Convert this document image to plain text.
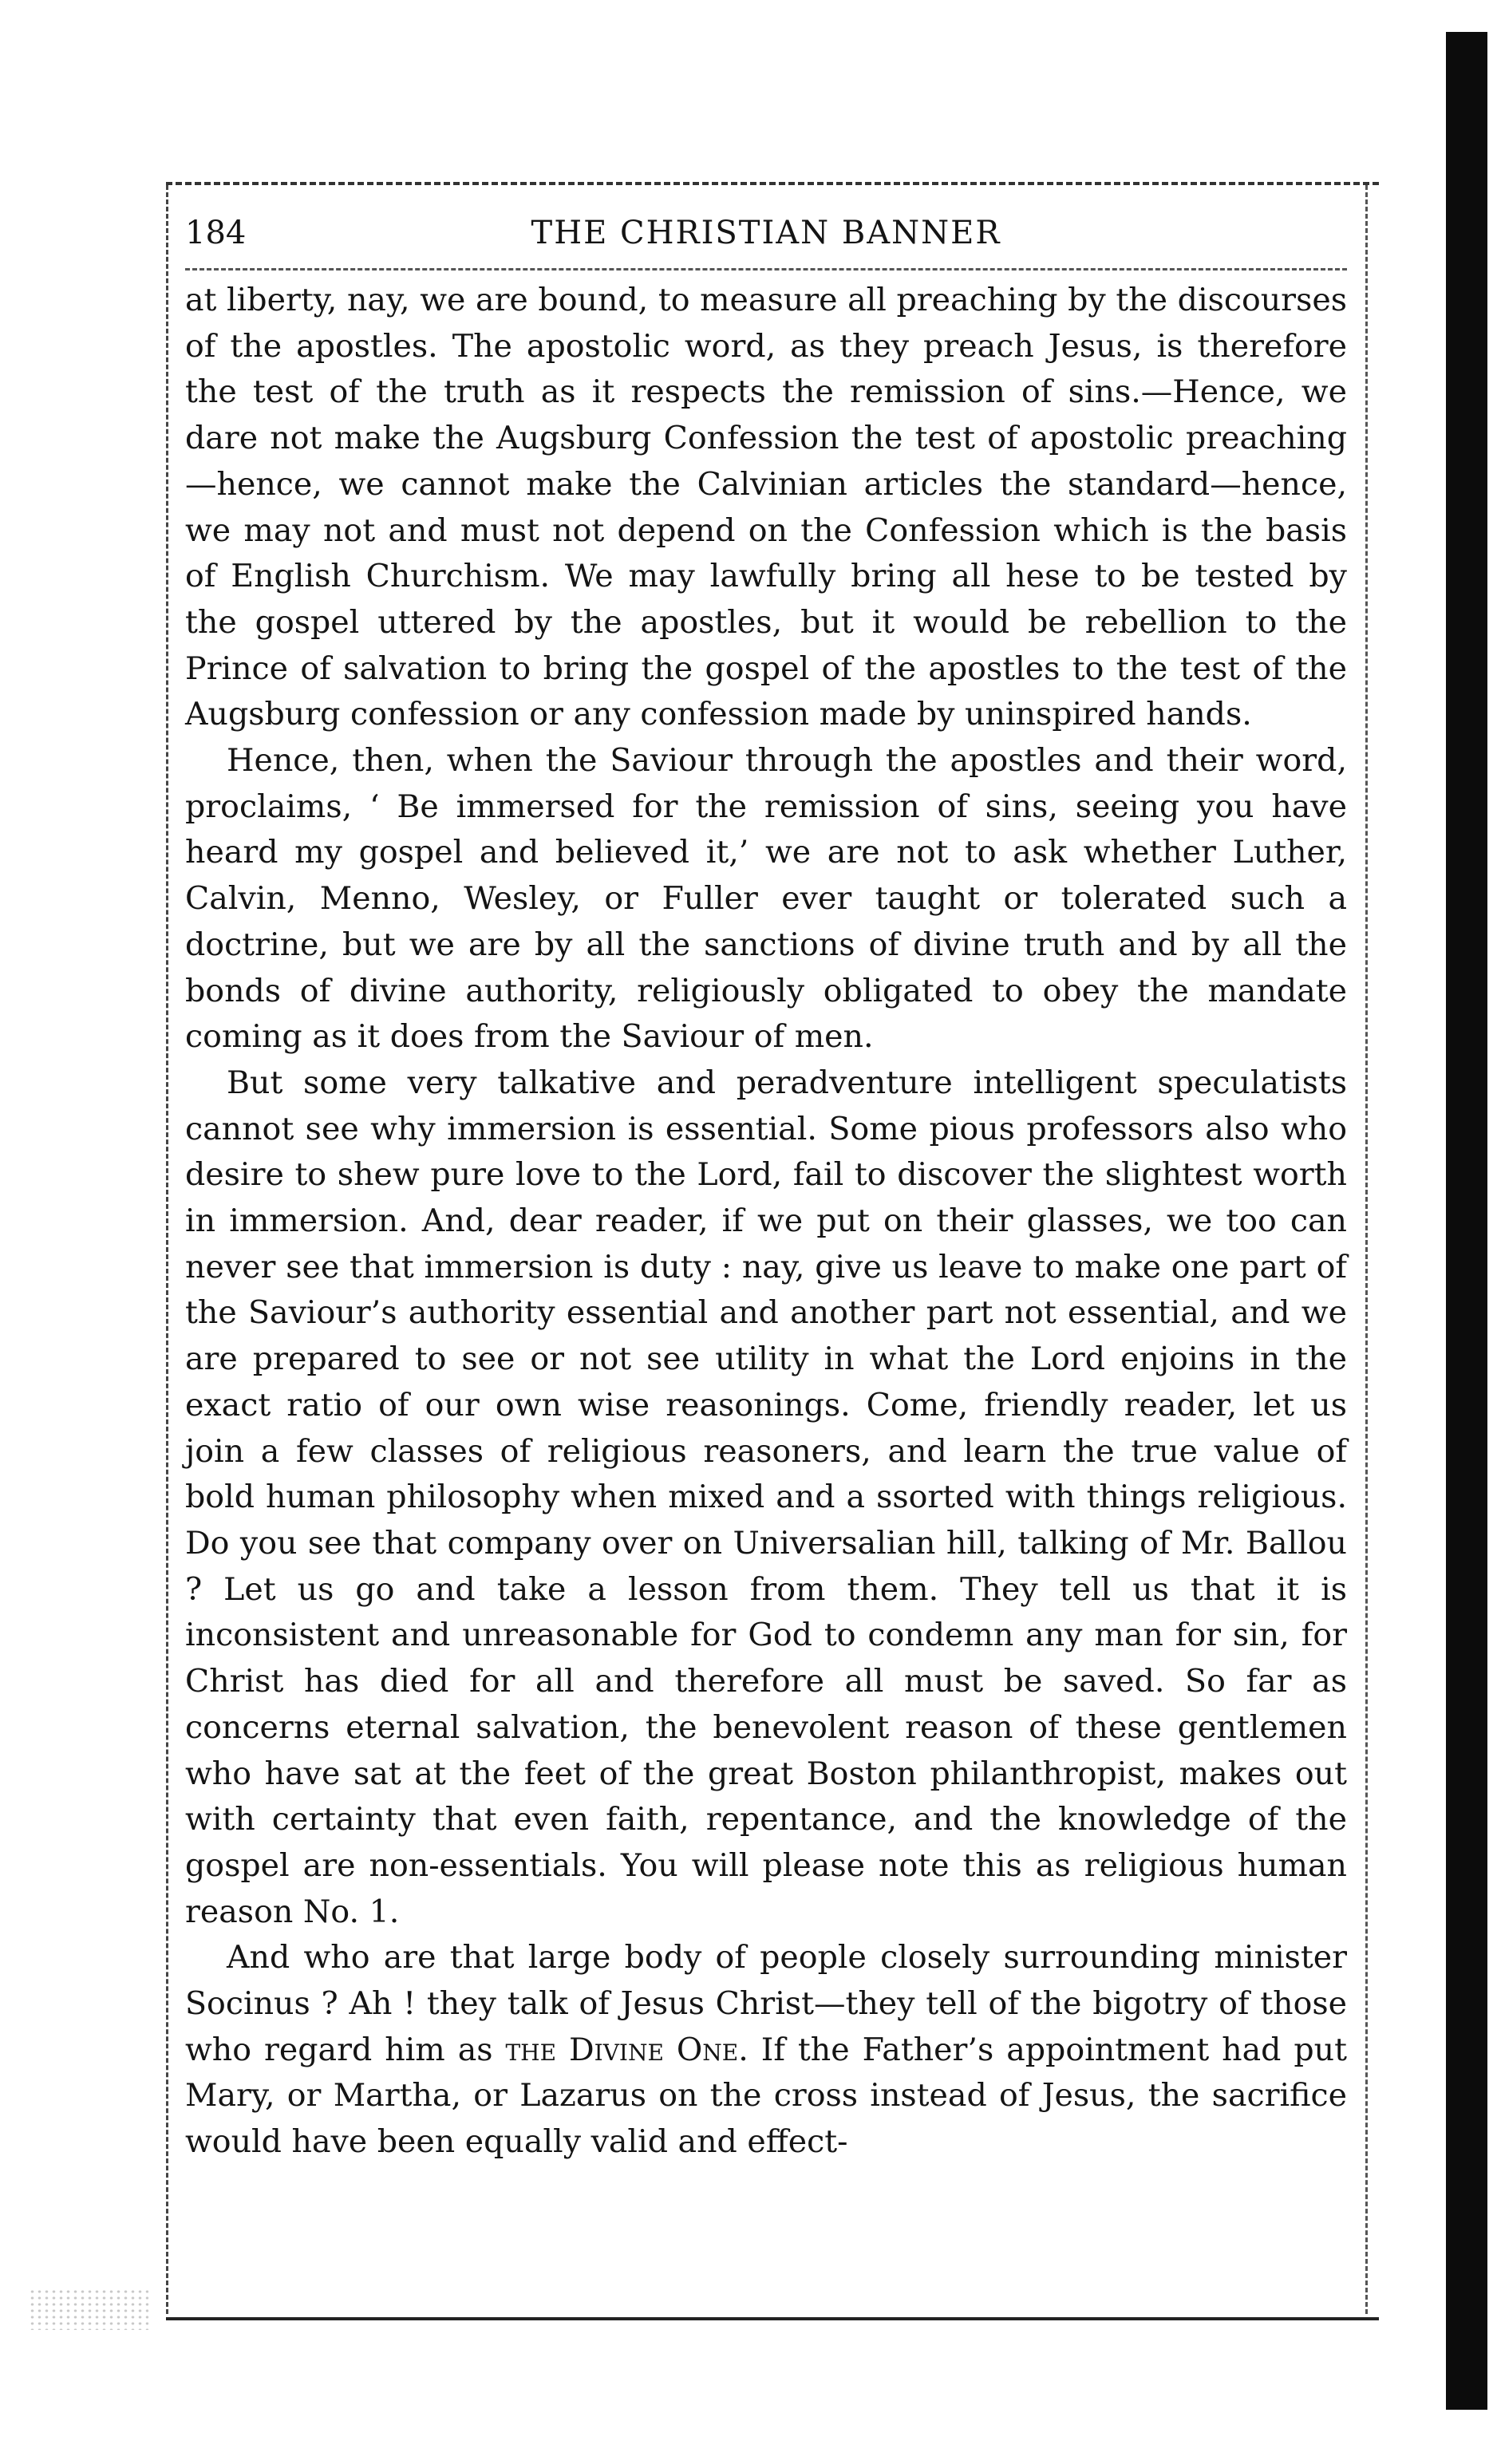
184	THE CHRISTIAN BANNER

at liberty, nay, we are bound, to measure all preaching by the discourses of the apostles. The apostolic word, as they preach Jesus, is therefore the test of the truth as it respects the remission of sins.—Hence, we dare not make the Augsburg Confession the test of apostolic preaching—hence, we cannot make the Calvinian articles the standard—hence, we may not and must not depend on the Confession which is the basis of English Churchism. We may lawfully bring all hese to be tested by the gospel uttered by the apostles, but it would be rebellion to the Prince of salvation to bring the gospel of the apostles to the test of the Augsburg confession or any confession made by uninspired hands.

Hence, then, when the Saviour through the apostles and their word, proclaims, ‘ Be immersed for the remission of sins, seeing you have heard my gospel and believed it,’ we are not to ask whether Luther, Calvin, Menno, Wesley, or Fuller ever taught or tolerated such a doctrine, but we are by all the sanctions of divine truth and by all the bonds of divine authority, religiously obligated to obey the mandate coming as it does from the Saviour of men.

But some very talkative and peradventure intelligent speculatists cannot see why immersion is essential. Some pious professors also who desire to shew pure love to the Lord, fail to discover the slightest worth in immersion. And, dear reader, if we put on their glasses, we too can never see that immersion is duty : nay, give us leave to make one part of the Saviour’s authority essential and another part not essential, and we are prepared to see or not see utility in what the Lord enjoins in the exact ratio of our own wise reasonings. Come, friendly reader, let us join a few classes of religious reasoners, and learn the true value of bold human philosophy when mixed and a ssorted with things religious. Do you see that company over on Universalian hill, talking of Mr. Ballou ? Let us go and take a lesson from them. They tell us that it is inconsistent and unreasonable for God to condemn any man for sin, for Christ has died for all and therefore all must be saved. So far as concerns eternal salvation, the benevolent reason of these gentlemen who have sat at the feet of the great Boston philanthropist, makes out with certainty that even faith, repentance, and the knowledge of the gospel are non-essentials. You will please note this as religious human reason No. 1.

And who are that large body of people closely surrounding minister Socinus ? Ah ! they talk of Jesus Christ—they tell of the bigotry of those who regard him as the Divine One. If the Father’s appointment had put Mary, or Martha, or Lazarus on the cross instead of Jesus, the sacrifice would have been equally valid and effect-
